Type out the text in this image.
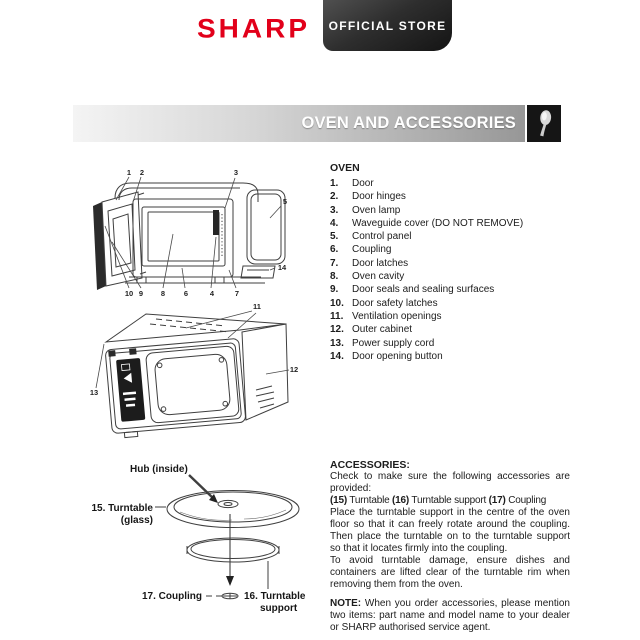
SHARP OFFICIAL STORE
OVEN AND ACCESSORIES
1 2	3
5
14
10 9 8	6	4	7
11
12
13
Hub (inside)
15. Turntable
(glass)
17. Coupling	16. Turntable
support

OVEN

1.	Door
2.	Door hinges
3.	Oven lamp
4.	Waveguide cover (DO NOT REMOVE)
5.	Control panel
6.	Coupling
7.	Door latches
8.	Oven cavity
9.	Door seals and sealing surfaces
10. Door safety latches
11. Ventilation openings
12. Outer cabinet
13. Power supply cord
14. Door opening button

ACCESSORIES:

Check to make sure the following accessories are provided:

(15) Turntable (16) Turntable support (17) Coupling

Place the turntable support in the centre of the oven floor so that it can freely rotate around the coupling. Then place the turntable on to the turntable support so that it locates firmly into the coupling.

To avoid turntable damage, ensure dishes and containers are lifted clear of the turntable rim when removing them from the oven.

NOTE: When you order accessories, please mention two items: part name and model name to your dealer or SHARP authorised service agent.
